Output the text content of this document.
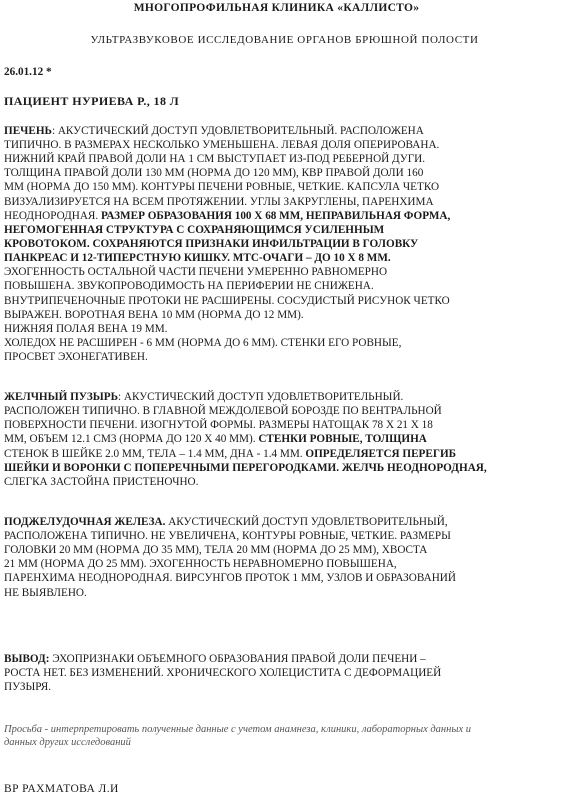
МНОГОПРОФИЛЬНАЯ КЛИНИКА «КАЛЛИСТО»
УЛЬТРАЗВУКОВОЕ ИССЛЕДОВАНИЕ ОРГАНОВ БРЮШНОЙ ПОЛОСТИ
26.01.12 *
ПАЦИЕНТ НУРИЕВА Р., 18 Л
ПЕЧЕНЬ: АКУСТИЧЕСКИЙ ДОСТУП УДОВЛЕТВОРИТЕЛЬНЫЙ. РАСПОЛОЖЕНА
ТИПИЧНО. В РАЗМЕРАХ НЕСКОЛЬКО УМЕНЬШЕНА. ЛЕВАЯ ДОЛЯ ОПЕРИРОВАНА.
НИЖНИЙ КРАЙ ПРАВОЙ ДОЛИ НА 1 СМ ВЫСТУПАЕТ ИЗ-ПОД РЕБЕРНОЙ ДУГИ.
ТОЛЩИНА ПРАВОЙ ДОЛИ 130 ММ (НОРМА ДО 120 ММ), КВР ПРАВОЙ ДОЛИ 160
ММ (НОРМА ДО 150 ММ). КОНТУРЫ ПЕЧЕНИ РОВНЫЕ, ЧЕТКИЕ. КАПСУЛА ЧЕТКО
ВИЗУАЛИЗИРУЕТСЯ НА ВСЕМ ПРОТЯЖЕНИИ. УГЛЫ ЗАКРУГЛЕНЫ, ПАРЕНХИМА
НЕОДНОРОДНАЯ. РАЗМЕР ОБРАЗОВАНИЯ 100 Х 68 ММ, НЕПРАВИЛЬНАЯ ФОРМА,
НЕГОМОГЕННАЯ СТРУКТУРА С СОХРАНЯЮЩИМСЯ УСИЛЕННЫМ
КРОВОТОКОМ. СОХРАНЯЮТСЯ ПРИЗНАКИ ИНФИЛЬТРАЦИИ В ГОЛОВКУ
ПАНКРЕАС И 12-ТИПЕРСТНУЮ КИШКУ. МТС-ОЧАГИ – ДО 10 Х 8 ММ.
ЭХОГЕННОСТЬ ОСТАЛЬНОЙ ЧАСТИ ПЕЧЕНИ УМЕРЕННО РАВНОМЕРНО
ПОВЫШЕНА. ЗВУКОПРОВОДИМОСТЬ НА ПЕРИФЕРИИ НЕ СНИЖЕНА.
ВНУТРИПЕЧЕНОЧНЫЕ ПРОТОКИ НЕ РАСШИРЕНЫ. СОСУДИСТЫЙ РИСУНОК ЧЕТКО
ВЫРАЖЕН. ВОРОТНАЯ ВЕНА 10 ММ (НОРМА ДО 12 ММ).
НИЖНЯЯ ПОЛАЯ ВЕНА 19 ММ.
ХОЛЕДОХ НЕ РАСШИРЕН - 6 ММ (НОРМА ДО 6 ММ). СТЕНКИ ЕГО РОВНЫЕ,
ПРОСВЕТ ЭХОНЕГАТИВЕН.
ЖЕЛЧНЫЙ ПУЗЫРЬ: АКУСТИЧЕСКИЙ ДОСТУП УДОВЛЕТВОРИТЕЛЬНЫЙ.
РАСПОЛОЖЕН ТИПИЧНО. В ГЛАВНОЙ МЕЖДОЛЕВОЙ БОРОЗДЕ ПО ВЕНТРАЛЬНОЙ
ПОВЕРХНОСТИ ПЕЧЕНИ. ИЗОГНУТОЙ ФОРМЫ. РАЗМЕРЫ НАТОЩАК 78 Х 21 Х 18
ММ, ОБЪЕМ 12.1 СМ3 (НОРМА ДО 120 Х 40 ММ). СТЕНКИ РОВНЫЕ, ТОЛЩИНА
СТЕНОК В ШЕЙКЕ 2.0 ММ, ТЕЛА – 1.4 ММ, ДНА - 1.4 ММ. ОПРЕДЕЛЯЕТСЯ ПЕРЕГИБ
ШЕЙКИ И ВОРОНКИ С ПОПЕРЕЧНЫМИ ПЕРЕГОРОДКАМИ. ЖЕЛЧЬ НЕОДНОРОДНАЯ,
СЛЕГКА ЗАСТОЙНА ПРИСТЕНОЧНО.
ПОДЖЕЛУДОЧНАЯ ЖЕЛЕЗА. АКУСТИЧЕСКИЙ ДОСТУП УДОВЛЕТВОРИТЕЛЬНЫЙ,
РАСПОЛОЖЕНА ТИПИЧНО. НЕ УВЕЛИЧЕНА, КОНТУРЫ РОВНЫЕ, ЧЕТКИЕ. РАЗМЕРЫ
ГОЛОВКИ 20 ММ (НОРМА ДО 35 ММ), ТЕЛА 20 ММ (НОРМА ДО 25 ММ), ХВОСТА
21 ММ (НОРМА ДО 25 ММ). ЭХОГЕННОСТЬ НЕРАВНОМЕРНО ПОВЫШЕНА,
ПАРЕНХИМА НЕОДНОРОДНАЯ. ВИРСУНГОВ ПРОТОК 1 ММ, УЗЛОВ И ОБРАЗОВАНИЙ
НЕ ВЫЯВЛЕНО.
ВЫВОД: ЭХОПРИЗНАКИ ОБЪЕМНОГО ОБРАЗОВАНИЯ ПРАВОЙ ДОЛИ ПЕЧЕНИ –
РОСТА НЕТ. БЕЗ ИЗМЕНЕНИЙ. ХРОНИЧЕСКОГО ХОЛЕЦИСТИТА С ДЕФОРМАЦИЕЙ
ПУЗЫРЯ.
Просьба - интерпретировать полученные данные с учетом анамнеза, клиники, лабораторных данных и
данных других исследований
ВР РАХМАТОВА Л.И
